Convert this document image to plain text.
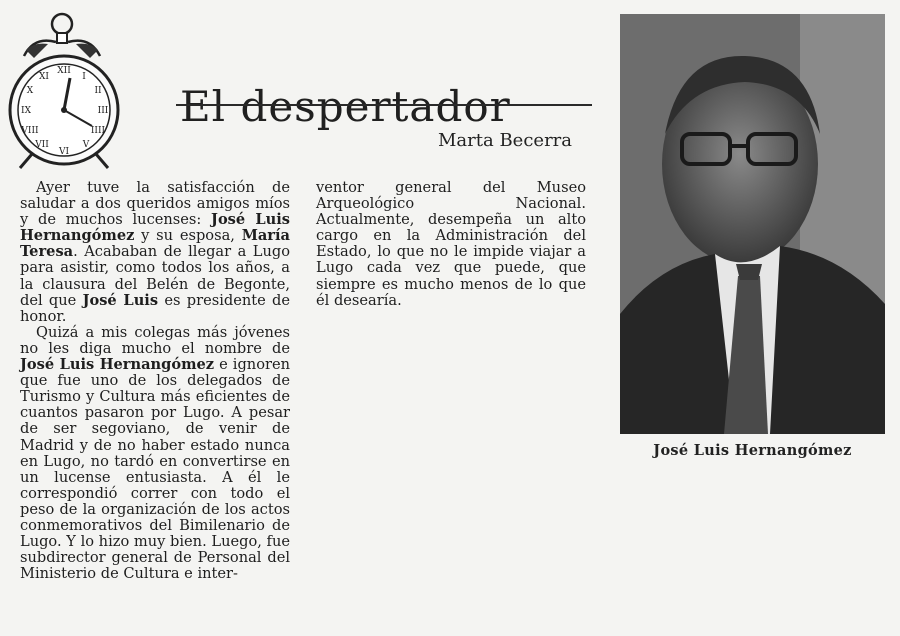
XII
I
II
III
IIII
V
VI
VII
VIII
IX
X
XI
El despertador
Marta Becerra

Ayer tuve la satisfacción de saludar a dos queridos amigos míos y de muchos lucenses: José Luis Hernangómez y su esposa, María Teresa. Acababan de llegar a Lugo para asistir, como todos los años, a la clausura del Belén de Begonte, del que José Luis es presidente de honor.

Quizá a mis colegas más jóvenes no les diga mucho el nombre de José Luis Hernangómez e ignoren que fue uno de los delegados de Turismo y Cultura más eficientes de cuantos pasaron por Lugo. A pesar de ser segoviano, de venir de Madrid y de no haber estado nunca en Lugo, no tardó en convertirse en un lucense entusiasta. A él le correspondió correr con todo el peso de la organización de los actos conmemorativos del Bimilenario de Lugo. Y lo hizo muy bien. Luego, fue subdirector general de Personal del Ministerio de Cultura e inter-

ventor general del Museo Arqueológico Nacional. Actualmente, desempeña un alto cargo en la Administración del Estado, lo que no le impide viajar a Lugo cada vez que puede, que siempre es mucho menos de lo que él desearía.

José Luis Hernangómez
